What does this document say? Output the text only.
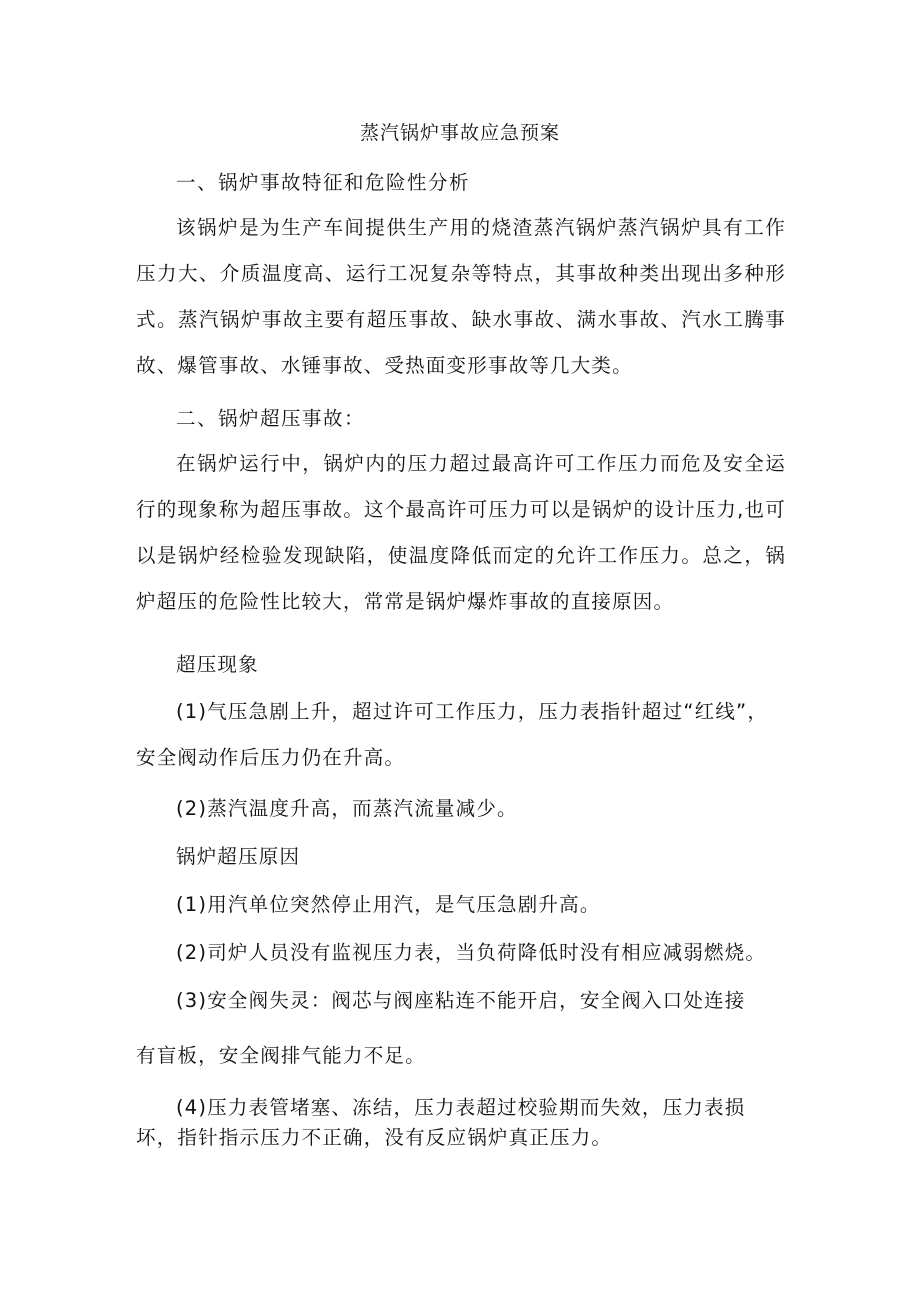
蒸汽锅炉事故应急预案
一、锅炉事故特征和危险性分析
该锅炉是为生产车间提供生产用的烧渣蒸汽锅炉蒸汽锅炉具有工作压力大、介质温度高、运行工况复杂等特点，其事故种类出现出多种形式。蒸汽锅炉事故主要有超压事故、缺水事故、满水事故、汽水工腾事故、爆管事故、水锤事故、受热面变形事故等几大类。
二、锅炉超压事故：
在锅炉运行中，锅炉内的压力超过最高许可工作压力而危及安全运行的现象称为超压事故。这个最高许可压力可以是锅炉的设计压力,也可以是锅炉经检验发现缺陷，使温度降低而定的允许工作压力。总之，锅炉超压的危险性比较大，常常是锅炉爆炸事故的直接原因。
超压现象
(1)气压急剧上升，超过许可工作压力，压力表指针超过“红线”，安全阀动作后压力仍在升高。
(2)蒸汽温度升高，而蒸汽流量减少。
锅炉超压原因
(1)用汽单位突然停止用汽，是气压急剧升高。
(2)司炉人员没有监视压力表，当负荷降低时没有相应减弱燃烧。
(3)安全阀失灵：阀芯与阀座粘连不能开启，安全阀入口处连接
有盲板，安全阀排气能力不足。
(4)压力表管堵塞、冻结，压力表超过校验期而失效，压力表损坏，指针指示压力不正确，没有反应锅炉真正压力。
